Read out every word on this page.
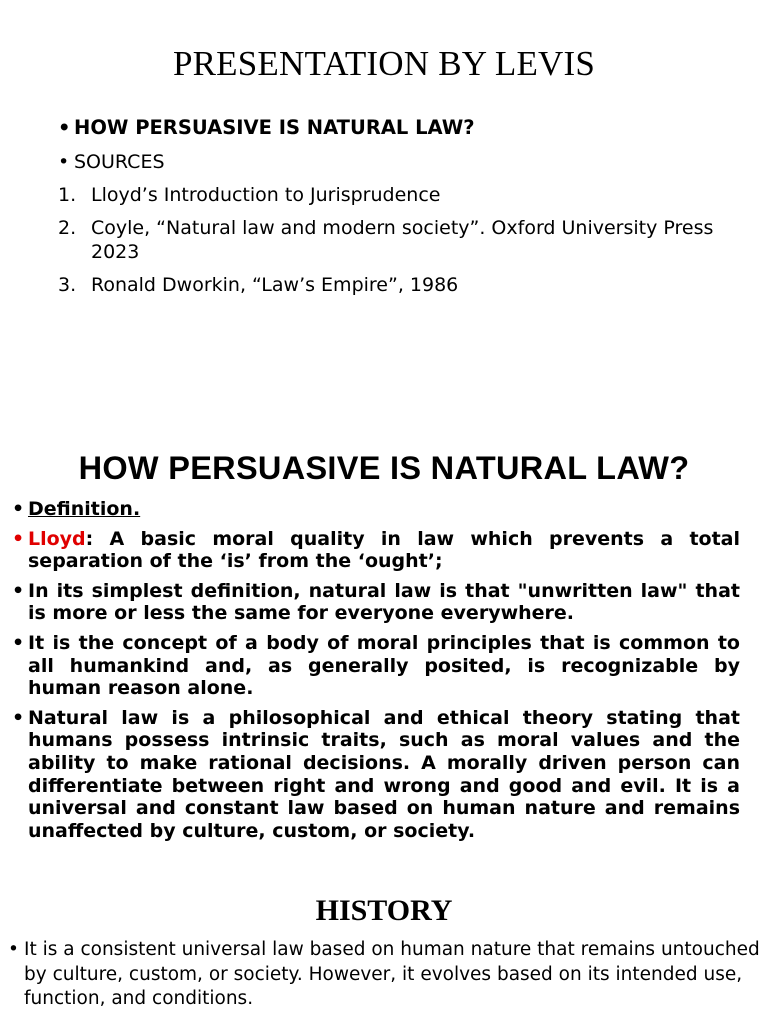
PRESENTATION BY LEVIS
• HOW PERSUASIVE IS NATURAL LAW?
• SOURCES
1. Lloyd’s Introduction to Jurisprudence
2. Coyle, “Natural law and modern society”. Oxford University Press 2023
3. Ronald Dworkin, “Law’s Empire”, 1986
HOW PERSUASIVE IS NATURAL LAW?
• Definition.
• Lloyd: A basic moral quality in law which prevents a total separation of the ‘is’ from the ‘ought’;
• In its simplest definition, natural law is that "unwritten law" that is more or less the same for everyone everywhere.
• It is the concept of a body of moral principles that is common to all humankind and, as generally posited, is recognizable by human reason alone.
• Natural law is a philosophical and ethical theory stating that humans possess intrinsic traits, such as moral values and the ability to make rational decisions. A morally driven person can differentiate between right and wrong and good and evil. It is a universal and constant law based on human nature and remains unaffected by culture, custom, or society.
HISTORY
• It is a consistent universal law based on human nature that remains untouched by culture, custom, or society. However, it evolves based on its intended use, function, and conditions.
